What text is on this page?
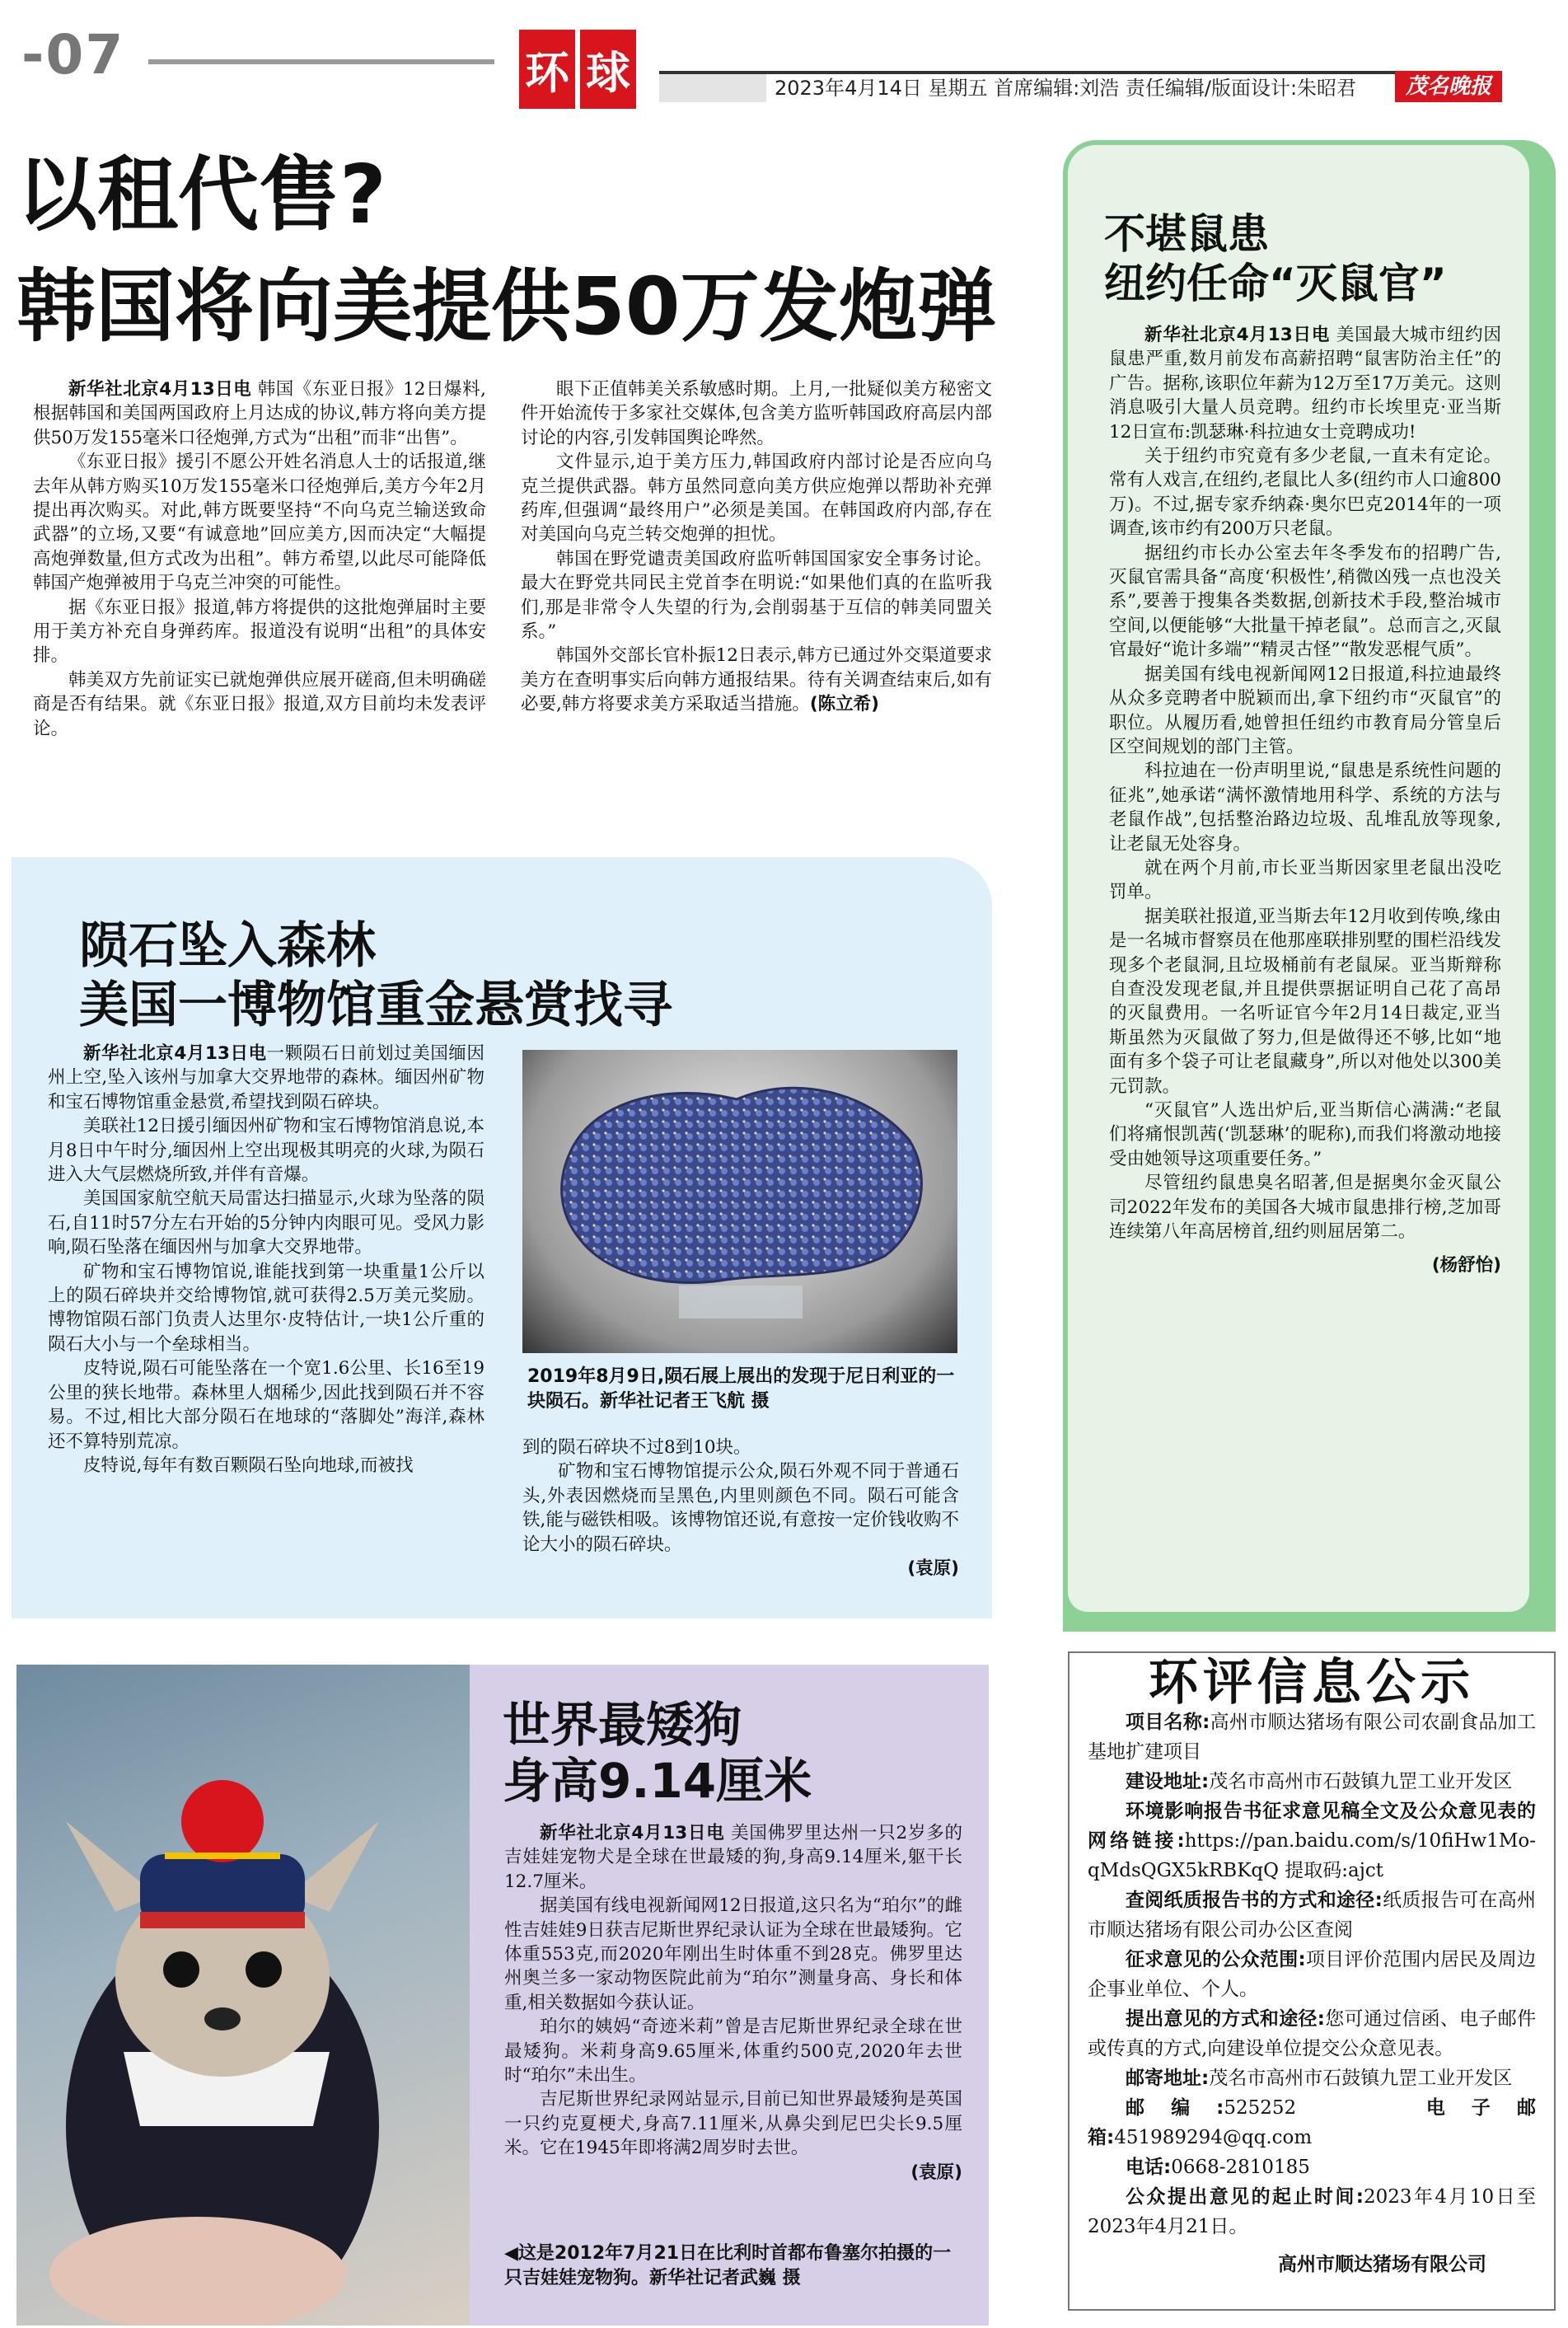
-07	环 球	2023年4月14日 星期五 首席编辑:刘浩 责任编辑/版面设计:朱昭君	茂名晚报
以租代售?
韩国将向美提供50万发炮弹

新华社北京4月13日电 韩国《东亚日报》12日爆料,根据韩国和美国两国政府上月达成的协议,韩方将向美方提供50万发155毫米口径炮弹,方式为“出租”而非“出售”。

《东亚日报》援引不愿公开姓名消息人士的话报道,继去年从韩方购买10万发155毫米口径炮弹后,美方今年2月提出再次购买。对此,韩方既要坚持“不向乌克兰输送致命武器”的立场,又要“有诚意地”回应美方,因而决定“大幅提高炮弹数量,但方式改为出租”。韩方希望,以此尽可能降低韩国产炮弹被用于乌克兰冲突的可能性。

据《东亚日报》报道,韩方将提供的这批炮弹届时主要用于美方补充自身弹药库。报道没有说明“出租”的具体安排。

韩美双方先前证实已就炮弹供应展开磋商,但未明确磋商是否有结果。就《东亚日报》报道,双方目前均未发表评论。

眼下正值韩美关系敏感时期。上月,一批疑似美方秘密文件开始流传于多家社交媒体,包含美方监听韩国政府高层内部讨论的内容,引发韩国舆论哗然。

文件显示,迫于美方压力,韩国政府内部讨论是否应向乌克兰提供武器。韩方虽然同意向美方供应炮弹以帮助补充弹药库,但强调“最终用户”必须是美国。在韩国政府内部,存在对美国向乌克兰转交炮弹的担忧。

韩国在野党谴责美国政府监听韩国国家安全事务讨论。最大在野党共同民主党首李在明说:“如果他们真的在监听我们,那是非常令人失望的行为,会削弱基于互信的韩美同盟关系。”

韩国外交部长官朴振12日表示,韩方已通过外交渠道要求美方在查明事实后向韩方通报结果。待有关调查结束后,如有必要,韩方将要求美方采取适当措施。(陈立希)

陨石坠入森林
美国一博物馆重金悬赏找寻

新华社北京4月13日电一颗陨石日前划过美国缅因州上空,坠入该州与加拿大交界地带的森林。缅因州矿物和宝石博物馆重金悬赏,希望找到陨石碎块。

美联社12日援引缅因州矿物和宝石博物馆消息说,本月8日中午时分,缅因州上空出现极其明亮的火球,为陨石进入大气层燃烧所致,并伴有音爆。

美国国家航空航天局雷达扫描显示,火球为坠落的陨石,自11时57分左右开始的5分钟内肉眼可见。受风力影响,陨石坠落在缅因州与加拿大交界地带。

矿物和宝石博物馆说,谁能找到第一块重量1公斤以上的陨石碎块并交给博物馆,就可获得2.5万美元奖励。博物馆陨石部门负责人达里尔·皮特估计,一块1公斤重的陨石大小与一个垒球相当。

皮特说,陨石可能坠落在一个宽1.6公里、长16至19公里的狭长地带。森林里人烟稀少,因此找到陨石并不容易。不过,相比大部分陨石在地球的“落脚处”海洋,森林还不算特别荒凉。

皮特说,每年有数百颗陨石坠向地球,而被找

2019年8月9日,陨石展上展出的发现于尼日利亚的一块陨石。新华社记者王飞航 摄
到的陨石碎块不过8到10块。

矿物和宝石博物馆提示公众,陨石外观不同于普通石头,外表因燃烧而呈黑色,内里则颜色不同。陨石可能含铁,能与磁铁相吸。该博物馆还说,有意按一定价钱收购不论大小的陨石碎块。

(袁原)
不堪鼠患
纽约任命“灭鼠官”

新华社北京4月13日电 美国最大城市纽约因鼠患严重,数月前发布高薪招聘“鼠害防治主任”的广告。据称,该职位年薪为12万至17万美元。这则消息吸引大量人员竞聘。纽约市长埃里克·亚当斯12日宣布:凯瑟琳·科拉迪女士竞聘成功!

关于纽约市究竟有多少老鼠,一直未有定论。常有人戏言,在纽约,老鼠比人多(纽约市人口逾800万)。不过,据专家乔纳森·奥尔巴克2014年的一项调查,该市约有200万只老鼠。

据纽约市长办公室去年冬季发布的招聘广告,灭鼠官需具备“高度‘积极性’,稍微凶残一点也没关系”,要善于搜集各类数据,创新技术手段,整治城市空间,以便能够“大批量干掉老鼠”。总而言之,灭鼠官最好“诡计多端”“精灵古怪”“散发恶棍气质”。

据美国有线电视新闻网12日报道,科拉迪最终从众多竞聘者中脱颖而出,拿下纽约市“灭鼠官”的职位。从履历看,她曾担任纽约市教育局分管皇后区空间规划的部门主管。

科拉迪在一份声明里说,“鼠患是系统性问题的征兆”,她承诺“满怀激情地用科学、系统的方法与老鼠作战”,包括整治路边垃圾、乱堆乱放等现象,让老鼠无处容身。

就在两个月前,市长亚当斯因家里老鼠出没吃罚单。

据美联社报道,亚当斯去年12月收到传唤,缘由是一名城市督察员在他那座联排别墅的围栏沿线发现多个老鼠洞,且垃圾桶前有老鼠屎。亚当斯辩称自查没发现老鼠,并且提供票据证明自己花了高昂的灭鼠费用。一名听证官今年2月14日裁定,亚当斯虽然为灭鼠做了努力,但是做得还不够,比如“地面有多个袋子可让老鼠藏身”,所以对他处以300美元罚款。

“灭鼠官”人选出炉后,亚当斯信心满满:“老鼠们将痛恨凯茜(‘凯瑟琳’的昵称),而我们将激动地接受由她领导这项重要任务。”

尽管纽约鼠患臭名昭著,但是据奥尔金灭鼠公司2022年发布的美国各大城市鼠患排行榜,芝加哥连续第八年高居榜首,纽约则屈居第二。

(杨舒怡)
世界最矮狗
身高9.14厘米

新华社北京4月13日电 美国佛罗里达州一只2岁多的吉娃娃宠物犬是全球在世最矮的狗,身高9.14厘米,躯干长12.7厘米。

据美国有线电视新闻网12日报道,这只名为“珀尔”的雌性吉娃娃9日获吉尼斯世界纪录认证为全球在世最矮狗。它体重553克,而2020年刚出生时体重不到28克。佛罗里达州奥兰多一家动物医院此前为“珀尔”测量身高、身长和体重,相关数据如今获认证。

珀尔的姨妈“奇迹米莉”曾是吉尼斯世界纪录全球在世最矮狗。米莉身高9.65厘米,体重约500克,2020年去世时“珀尔”未出生。

吉尼斯世界纪录网站显示,目前已知世界最矮狗是英国一只约克夏梗犬,身高7.11厘米,从鼻尖到尼巴尖长9.5厘米。它在1945年即将满2周岁时去世。

(袁原)
◀这是2012年7月21日在比利时首都布鲁塞尔拍摄的一只吉娃娃宠物狗。新华社记者武巍 摄
环评信息公示
项目名称:高州市顺达猪场有限公司农副食品加工基地扩建项目
建设地址:茂名市高州市石鼓镇九罡工业开发区
环境影响报告书征求意见稿全文及公众意见表的网络链接:https://pan.baidu.com/s/10fiHw1Mo-qMdsQGX5kRBKqQ 提取码:ajct
查阅纸质报告书的方式和途径:纸质报告可在高州市顺达猪场有限公司办公区查阅
征求意见的公众范围:项目评价范围内居民及周边企事业单位、个人。
提出意见的方式和途径:您可通过信函、电子邮件或传真的方式,向建设单位提交公众意见表。
邮寄地址:茂名市高州市石鼓镇九罡工业开发区
邮编:525252	电子邮箱:451989294@qq.com
电话:0668-2810185
公众提出意见的起止时间:2023年4月10日至2023年4月21日。
高州市顺达猪场有限公司
